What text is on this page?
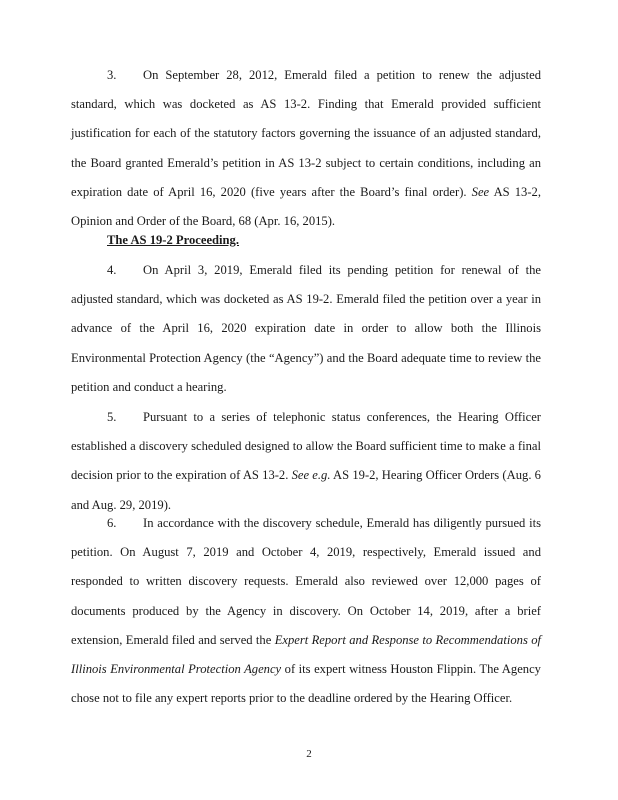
3. On September 28, 2012, Emerald filed a petition to renew the adjusted standard, which was docketed as AS 13-2. Finding that Emerald provided sufficient justification for each of the statutory factors governing the issuance of an adjusted standard, the Board granted Emerald’s petition in AS 13-2 subject to certain conditions, including an expiration date of April 16, 2020 (five years after the Board’s final order). See AS 13-2, Opinion and Order of the Board, 68 (Apr. 16, 2015).

The AS 19-2 Proceeding.

4. On April 3, 2019, Emerald filed its pending petition for renewal of the adjusted standard, which was docketed as AS 19-2. Emerald filed the petition over a year in advance of the April 16, 2020 expiration date in order to allow both the Illinois Environmental Protection Agency (the “Agency”) and the Board adequate time to review the petition and conduct a hearing.

5. Pursuant to a series of telephonic status conferences, the Hearing Officer established a discovery scheduled designed to allow the Board sufficient time to make a final decision prior to the expiration of AS 13-2. See e.g. AS 19-2, Hearing Officer Orders (Aug. 6 and Aug. 29, 2019).

6. In accordance with the discovery schedule, Emerald has diligently pursued its petition. On August 7, 2019 and October 4, 2019, respectively, Emerald issued and responded to written discovery requests. Emerald also reviewed over 12,000 pages of documents produced by the Agency in discovery. On October 14, 2019, after a brief extension, Emerald filed and served the Expert Report and Response to Recommendations of Illinois Environmental Protection Agency of its expert witness Houston Flippin. The Agency chose not to file any expert reports prior to the deadline ordered by the Hearing Officer.

2
